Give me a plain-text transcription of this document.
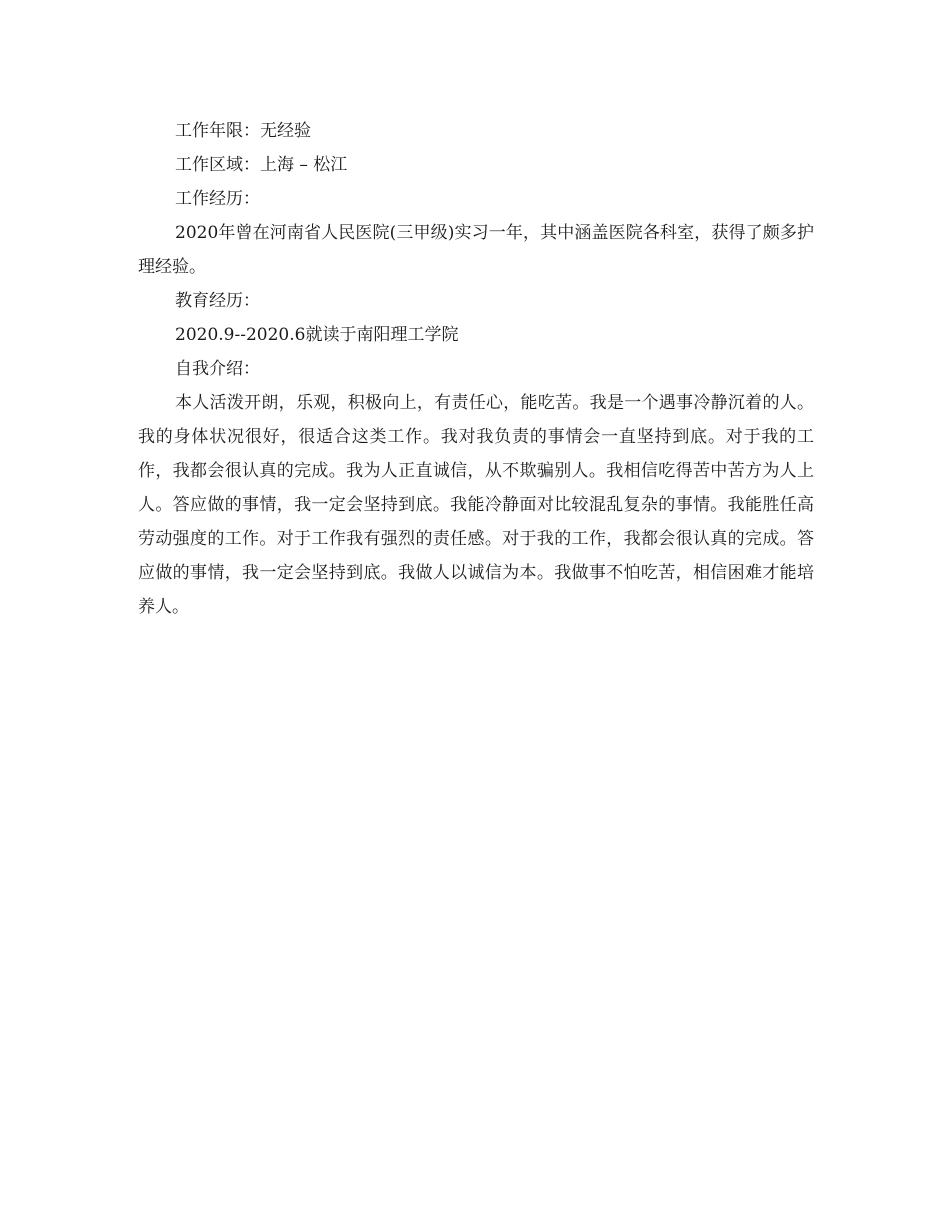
工作年限：无经验

工作区域：上海 – 松江

工作经历：

2020年曾在河南省人民医院(三甲级)实习一年，其中涵盖医院各科室，获得了颇多护理经验。

教育经历：

2020.9--2020.6就读于南阳理工学院

自我介绍：

本人活泼开朗，乐观，积极向上，有责任心，能吃苦。我是一个遇事冷静沉着的人。我的身体状况很好，很适合这类工作。我对我负责的事情会一直坚持到底。对于我的工作，我都会很认真的完成。我为人正直诚信，从不欺骗别人。我相信吃得苦中苦方为人上人。答应做的事情，我一定会坚持到底。我能冷静面对比较混乱复杂的事情。我能胜任高劳动强度的工作。对于工作我有强烈的责任感。对于我的工作，我都会很认真的完成。答应做的事情，我一定会坚持到底。我做人以诚信为本。我做事不怕吃苦，相信困难才能培养人。
